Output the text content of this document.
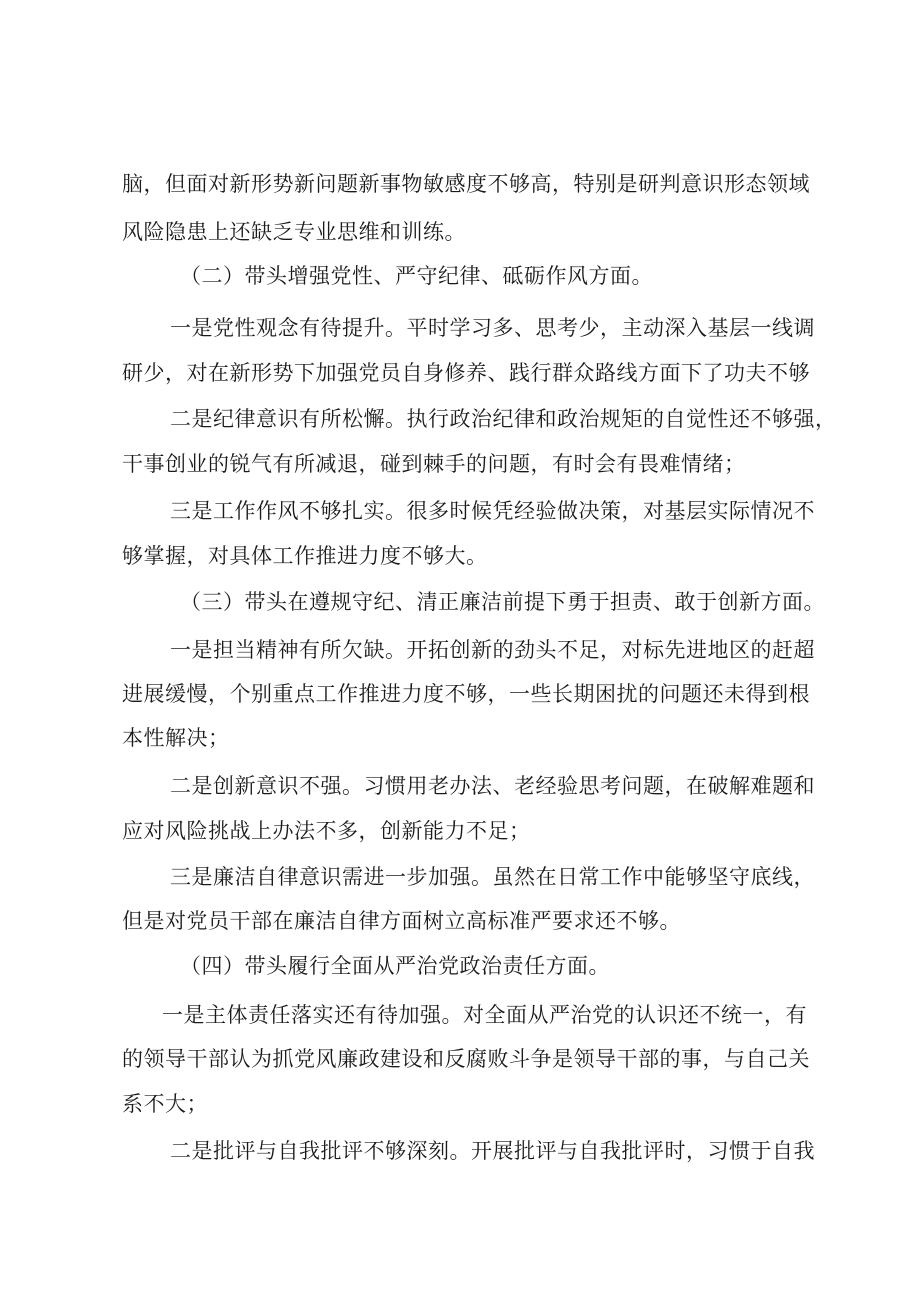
脑，但面对新形势新问题新事物敏感度不够高，特别是研判意识形态领域
风险隐患上还缺乏专业思维和训练。
（二）带头增强党性、严守纪律、砥砺作风方面。
一是党性观念有待提升。平时学习多、思考少，主动深入基层一线调
研少，对在新形势下加强党员自身修养、践行群众路线方面下了功夫不够
二是纪律意识有所松懈。执行政治纪律和政治规矩的自觉性还不够强，
干事创业的锐气有所减退，碰到棘手的问题，有时会有畏难情绪；
三是工作作风不够扎实。很多时候凭经验做决策，对基层实际情况不
够掌握，对具体工作推进力度不够大。
（三）带头在遵规守纪、清正廉洁前提下勇于担责、敢于创新方面。
一是担当精神有所欠缺。开拓创新的劲头不足，对标先进地区的赶超
进展缓慢，个别重点工作推进力度不够，一些长期困扰的问题还未得到根
本性解决；
二是创新意识不强。习惯用老办法、老经验思考问题，在破解难题和
应对风险挑战上办法不多，创新能力不足；
三是廉洁自律意识需进一步加强。虽然在日常工作中能够坚守底线，
但是对党员干部在廉洁自律方面树立高标准严要求还不够。
（四）带头履行全面从严治党政治责任方面。
一是主体责任落实还有待加强。对全面从严治党的认识还不统一，有
的领导干部认为抓党风廉政建设和反腐败斗争是领导干部的事，与自己关
系不大；
二是批评与自我批评不够深刻。开展批评与自我批评时，习惯于自我
